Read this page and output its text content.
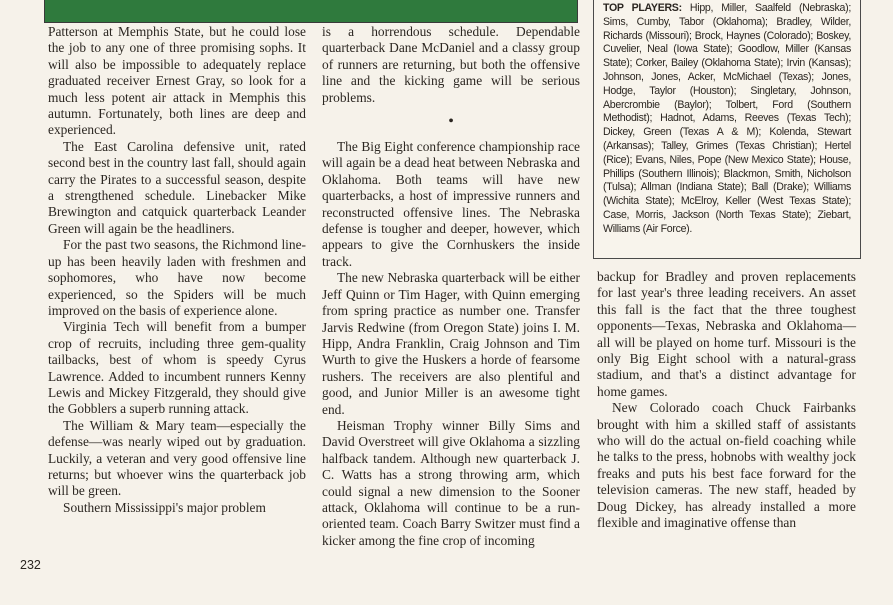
Patterson at Memphis State, but he could lose the job to any one of three promising sophs. It will also be impossible to adequately replace graduated receiver Ernest Gray, so look for a much less potent air attack in Memphis this autumn. Fortunately, both lines are deep and experienced.

The East Carolina defensive unit, rated second best in the country last fall, should again carry the Pirates to a successful season, despite a strengthened schedule. Linebacker Mike Brewington and catquick quarterback Leander Green will again be the headliners.

For the past two seasons, the Richmond line-up has been heavily laden with freshmen and sophomores, who have now become experienced, so the Spiders will be much improved on the basis of experience alone.

Virginia Tech will benefit from a bumper crop of recruits, including three gem-quality tailbacks, best of whom is speedy Cyrus Lawrence. Added to incumbent runners Kenny Lewis and Mickey Fitzgerald, they should give the Gobblers a superb running attack.

The William & Mary team—especially the defense—was nearly wiped out by graduation. Luckily, a veteran and very good offensive line returns; but whoever wins the quarterback job will be green.

Southern Mississippi's major problem

is a horrendous schedule. Dependable quarterback Dane McDaniel and a classy group of runners are returning, but both the offensive line and the kicking game will be serious problems.

•

The Big Eight conference championship race will again be a dead heat between Nebraska and Oklahoma. Both teams will have new quarterbacks, a host of impressive runners and reconstructed offensive lines. The Nebraska defense is tougher and deeper, however, which appears to give the Cornhuskers the inside track.

The new Nebraska quarterback will be either Jeff Quinn or Tim Hager, with Quinn emerging from spring practice as number one. Transfer Jarvis Redwine (from Oregon State) joins I. M. Hipp, Andra Franklin, Craig Johnson and Tim Wurth to give the Huskers a horde of fearsome rushers. The receivers are also plentiful and good, and Junior Miller is an awesome tight end.

Heisman Trophy winner Billy Sims and David Overstreet will give Oklahoma a sizzling halfback tandem. Although new quarterback J. C. Watts has a strong throwing arm, which could signal a new dimension to the Sooner attack, Oklahoma will continue to be a run-oriented team. Coach Barry Switzer must find a kicker among the fine crop of incoming

TOP PLAYERS: Hipp, Miller, Saalfeld (Nebraska); Sims, Cumby, Tabor (Oklahoma); Bradley, Wilder, Richards (Missouri); Brock, Haynes (Colorado); Boskey, Cuvelier, Neal (Iowa State); Goodlow, Miller (Kansas State); Corker, Bailey (Oklahoma State); Irvin (Kansas); Johnson, Jones, Acker, McMichael (Texas); Jones, Hodge, Taylor (Houston); Singletary, Johnson, Abercrombie (Baylor); Tolbert, Ford (Southern Methodist); Hadnot, Adams, Reeves (Texas Tech); Dickey, Green (Texas A & M); Kolenda, Stewart (Arkansas); Talley, Grimes (Texas Christian); Hertel (Rice); Evans, Niles, Pope (New Mexico State); House, Phillips (Southern Illinois); Blackmon, Smith, Nicholson (Tulsa); Allman (Indiana State); Ball (Drake); Williams (Wichita State); McElroy, Keller (West Texas State); Case, Morris, Jackson (North Texas State); Ziebart, Williams (Air Force).

backup for Bradley and proven replacements for last year's three leading receivers. An asset this fall is the fact that the three toughest opponents—Texas, Nebraska and Oklahoma—all will be played on home turf. Missouri is the only Big Eight school with a natural-grass stadium, and that's a distinct advantage for home games.

New Colorado coach Chuck Fairbanks brought with him a skilled staff of assistants who will do the actual on-field coaching while he talks to the press, hobnobs with wealthy jock freaks and puts his best face forward for the television cameras. The new staff, headed by Doug Dickey, has already installed a more flexible and imaginative offense than

232
